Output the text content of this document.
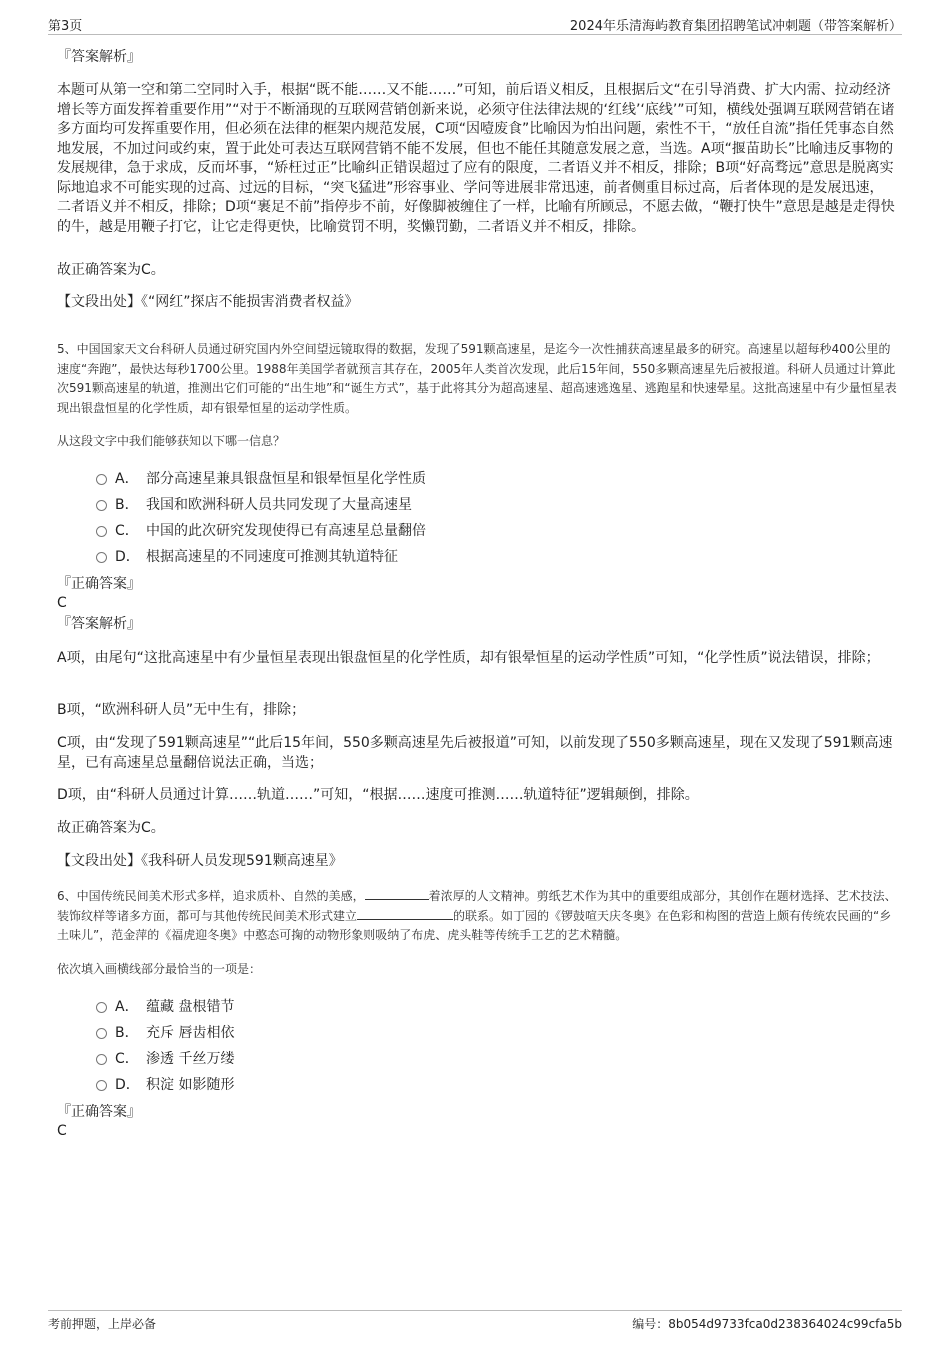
第3页	2024年乐清海屿教育集团招聘笔试冲刺题（带答案解析）
『答案解析』
本题可从第一空和第二空同时入手，根据“既不能……又不能……”可知，前后语义相反，且根据后文“在引导消费、扩大内需、拉动经济增长等方面发挥着重要作用”“对于不断涌现的互联网营销创新来说，必须守住法律法规的‘红线’‘底线’”可知，横线处强调互联网营销在诸多方面均可发挥重要作用，但必须在法律的框架内规范发展，C项“因噎废食”比喻因为怕出问题，索性不干，“放任自流”指任凭事态自然地发展，不加过问或约束，置于此处可表达互联网营销不能不发展，但也不能任其随意发展之意，当选。A项“揠苗助长”比喻违反事物的发展规律，急于求成，反而坏事，“矫枉过正”比喻纠正错误超过了应有的限度，二者语义并不相反，排除；B项“好高骛远”意思是脱离实际地追求不可能实现的过高、过远的目标，“突飞猛进”形容事业、学问等进展非常迅速，前者侧重目标过高，后者体现的是发展迅速，二者语义并不相反，排除；D项“裹足不前”指停步不前，好像脚被缠住了一样，比喻有所顾忌，不愿去做，“鞭打快牛”意思是越是走得快的牛，越是用鞭子打它，让它走得更快，比喻赏罚不明，奖懒罚勤，二者语义并不相反，排除。
故正确答案为C。
【文段出处】《“网红”探店不能损害消费者权益》
5、中国国家天文台科研人员通过研究国内外空间望远镜取得的数据，发现了591颗高速星，是迄今一次性捕获高速星最多的研究。高速星以超每秒400公里的速度“奔跑”，最快达每秒1700公里。1988年美国学者就预言其存在，2005年人类首次发现，此后15年间，550多颗高速星先后被报道。科研人员通过计算此次591颗高速星的轨道，推测出它们可能的“出生地”和“诞生方式”，基于此将其分为超高速星、超高速逃逸星、逃跑星和快速晕星。这批高速星中有少量恒星表现出银盘恒星的化学性质，却有银晕恒星的运动学性质。
从这段文字中我们能够获知以下哪一信息？
A． 部分高速星兼具银盘恒星和银晕恒星化学性质
B． 我国和欧洲科研人员共同发现了大量高速星
C． 中国的此次研究发现使得已有高速星总量翻倍
D． 根据高速星的不同速度可推测其轨道特征
『正确答案』
C
『答案解析』
A项，由尾句“这批高速星中有少量恒星表现出银盘恒星的化学性质，却有银晕恒星的运动学性质”可知，“化学性质”说法错误，排除；
B项，“欧洲科研人员”无中生有，排除；
C项，由“发现了591颗高速星”“此后15年间，550多颗高速星先后被报道”可知，以前发现了550多颗高速星，现在又发现了591颗高速星，已有高速星总量翻倍说法正确，当选；
D项，由“科研人员通过计算……轨道……”可知，“根据……速度可推测……轨道特征”逻辑颠倒，排除。
故正确答案为C。
【文段出处】《我科研人员发现591颗高速星》
6、中国传统民间美术形式多样，追求质朴、自然的美感，	着浓厚的人文精神。剪纸艺术作为其中的重要组成部分，其创作在题材选择、艺术技法、装饰纹样等诸多方面，都可与其他传统民间美术形式建立	的联系。如丁园的《锣鼓喧天庆冬奥》在色彩和构图的营造上颇有传统农民画的“乡土味儿”，范金萍的《福虎迎冬奥》中憨态可掬的动物形象则吸纳了布虎、虎头鞋等传统手工艺的艺术精髓。
依次填入画横线部分最恰当的一项是：
A． 蕴藏 盘根错节
B． 充斥 唇齿相依
C． 渗透 千丝万缕
D． 积淀 如影随形
『正确答案』
C
考前押题，上岸必备	编号：8b054d9733fca0d238364024c99cfa5b
